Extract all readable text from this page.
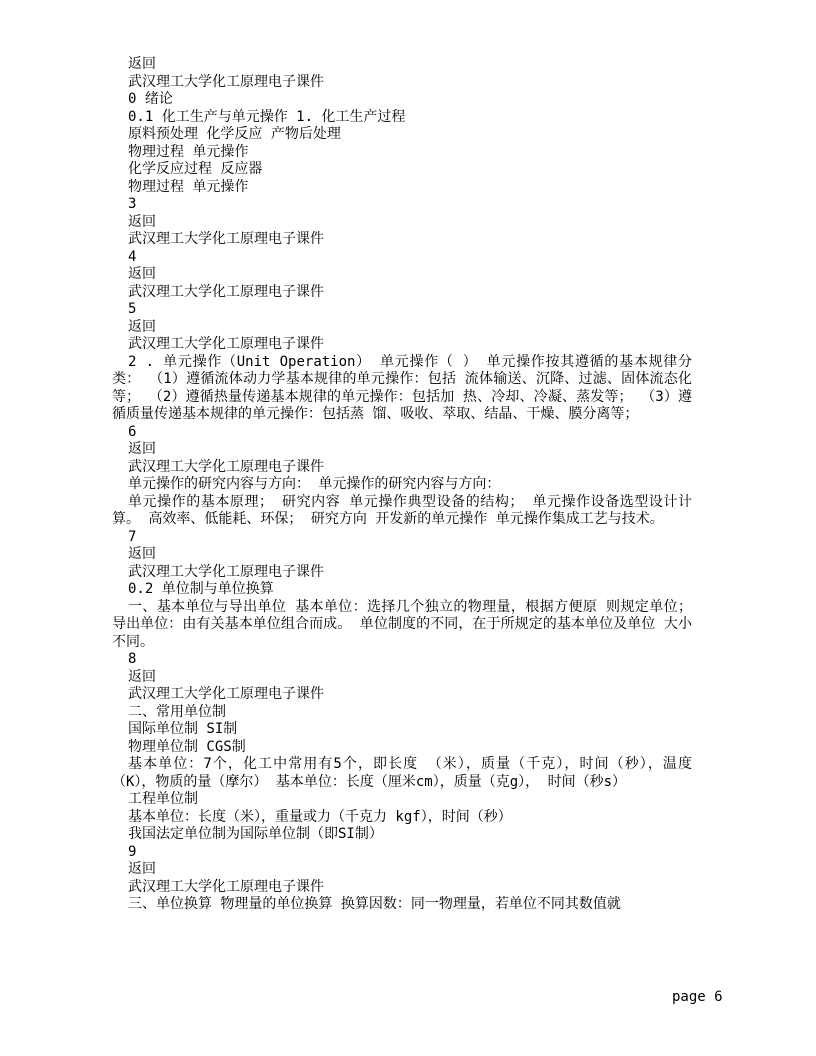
返回
武汉理工大学化工原理电子课件
0 绪论
0.1 化工生产与单元操作 1. 化工生产过程
原料预处理 化学反应 产物后处理
物理过程 单元操作
化学反应过程 反应器
物理过程 单元操作
3
返回
武汉理工大学化工原理电子课件
4
返回
武汉理工大学化工原理电子课件
5
返回
武汉理工大学化工原理电子课件
2 . 单元操作（Unit Operation） 单元操作（ ） 单元操作按其遵循的基本规律分类： （1）遵循流体动力学基本规律的单元操作：包括 流体输送、沉降、过滤、固体流态化等； （2）遵循热量传递基本规律的单元操作：包括加 热、冷却、冷凝、蒸发等； （3）遵循质量传递基本规律的单元操作：包括蒸 馏、吸收、萃取、结晶、干燥、膜分离等；
6
返回
武汉理工大学化工原理电子课件
单元操作的研究内容与方向： 单元操作的研究内容与方向：
单元操作的基本原理； 研究内容 单元操作典型设备的结构； 单元操作设备选型设计计算。 高效率、低能耗、环保； 研究方向 开发新的单元操作 单元操作集成工艺与技术。
7
返回
武汉理工大学化工原理电子课件
0.2 单位制与单位换算
一、基本单位与导出单位 基本单位：选择几个独立的物理量，根据方便原 则规定单位； 导出单位：由有关基本单位组合而成。 单位制度的不同，在于所规定的基本单位及单位 大小不同。
8
返回
武汉理工大学化工原理电子课件
二、常用单位制
国际单位制 SI制
物理单位制 CGS制
基本单位：7个，化工中常用有5个，即长度 （米），质量（千克），时间（秒），温度 （K），物质的量（摩尔） 基本单位：长度（厘米cm），质量（克g）， 时间（秒s）
工程单位制
基本单位：长度（米），重量或力（千克力 kgf），时间（秒）
我国法定单位制为国际单位制（即SI制）
9
返回
武汉理工大学化工原理电子课件
三、单位换算 物理量的单位换算 换算因数：同一物理量，若单位不同其数值就
page 6
